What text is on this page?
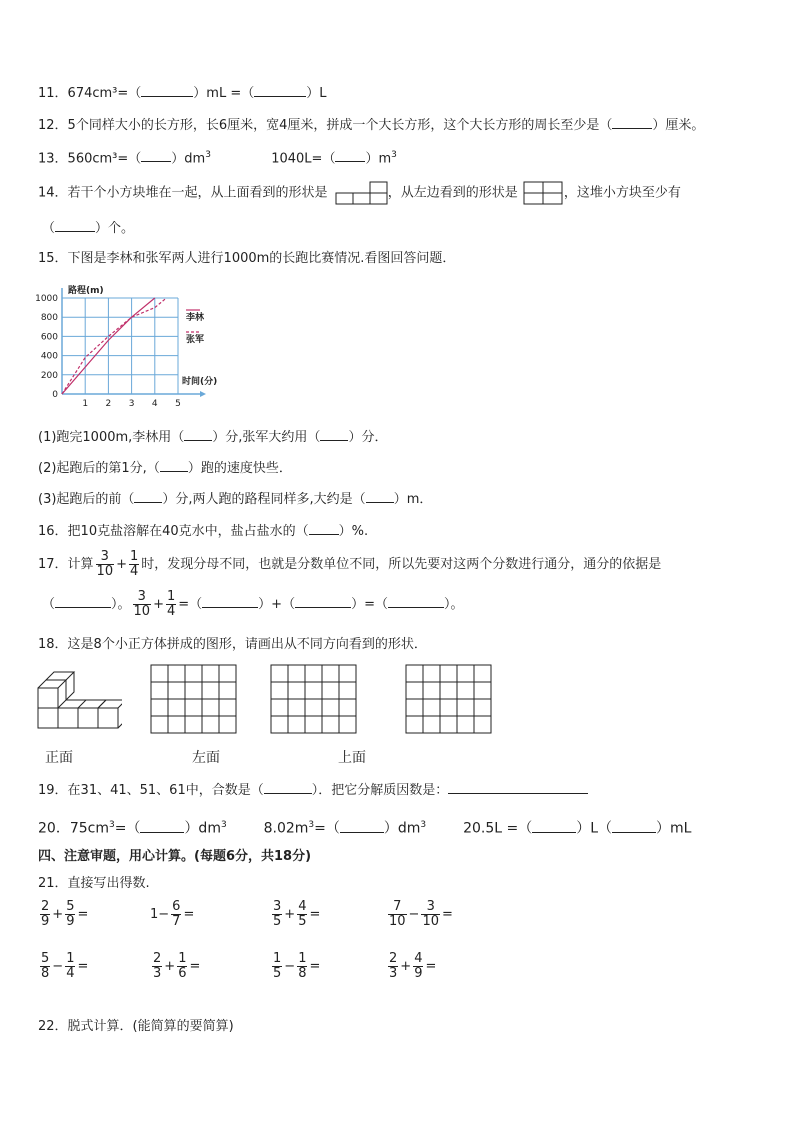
11．674cm³=（	）mL =（	）L
12．5个同样大小的长方形，长6厘米，宽4厘米，拼成一个大长方形，这个大长方形的周长至少是（	）厘米。
13．560cm³=（ ）$dm^3$	1040L=（ ）$m^3$
14．若干个小方块堆在一起，从上面看到的形状是	，从左边看到的形状是	，这堆小方块至少有
（	）个。
15．下图是李林和张军两人进行1000m的长跑比赛情况.看图回答问题．
0
200
400
600
800
1000
1 2 3 4 5
路程(m)
时间(分)
李林
张军
(1)跑完1000m,李林用（ ）分,张军大约用（ ）分．
(2)起跑后的第1分,（ ）跑的速度快些．
(3)起跑后的前（ ）分,两人跑的路程同样多,大约是（ ）m．
16．把10克盐溶解在40克水中，盐占盐水的（ ）%.
17．计算 $\frac{3}{10} + \frac{1}{4}$ 时，发现分母不同，也就是分数单位不同，所以先要对这两个分数进行通分，通分的依据是
（	）。 $\frac{3}{10} + \frac{1}{4}$ =（	）+（	）=（	）。
18．这是8个小正方体拼成的图形，请画出从不同方向看到的形状．
正面	左面	上面
19．在31、41、51、61中，合数是（	）．把它分解质因数是：
20．$75cm^3=$（	）$dm^3$	$8.02m^3=$（	）$dm^3$	20.5L =（	）L（	）mL
四、注意审题，用心计算。(每题6分，共18分)
21．直接写出得数.
$\frac{2}{9} + \frac{5}{9}$ =	$1- \frac{6}{7}$ =	$\frac{3}{5} + \frac{4}{5}$ =	$\frac{7}{10} - \frac{3}{10}$ =
$\frac{5}{8} - \frac{1}{4}$ =	$\frac{2}{3} + \frac{1}{6}$ =	$\frac{1}{5} - \frac{1}{8}$ =	$\frac{2}{3} + \frac{4}{9}$ =
22．脱式计算．(能简算的要简算)
